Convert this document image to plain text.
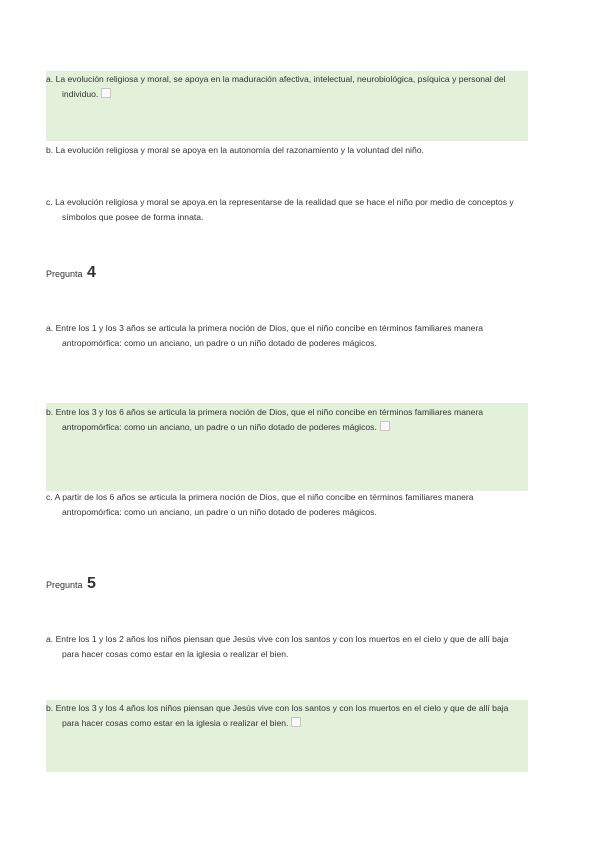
a. La evolución religiosa y moral, se apoya en la maduración afectiva, intelectual, neurobiológica, psíquica y personal del individuo.

b. La evolución religiosa y moral se apoya en la autonomía del razonamiento y la voluntad del niño.

c. La evolución religiosa y moral se apoya.en la representarse de la realidad que se hace el niño por medio de conceptos y símbolos que posee de forma innata.

Pregunta 4

a. Entre los 1 y los 3 años se articula la primera noción de Dios, que el niño concibe en términos familiares manera antropomórfica: como un anciano, un padre o un niño dotado de poderes mágicos.

b. Entre los 3 y los 6 años se articula la primera noción de Dios, que el niño concibe en términos familiares manera antropomórfica: como un anciano, un padre o un niño dotado de poderes mágicos.

c. A partir de los 6 años se articula la primera noción de Dios, que el niño concibe en términos familiares manera antropomórfica: como un anciano, un padre o un niño dotado de poderes mágicos.

Pregunta 5

a. Entre los 1 y los 2 años los niños piensan que Jesús vive con los santos y con los muertos en el cielo y que de allí baja para hacer cosas como estar en la iglesia o realizar el bien.

b. Entre los 3 y los 4 años los niños piensan que Jesús vive con los santos y con los muertos en el cielo y que de allí baja para hacer cosas como estar en la iglesia o realizar el bien.
